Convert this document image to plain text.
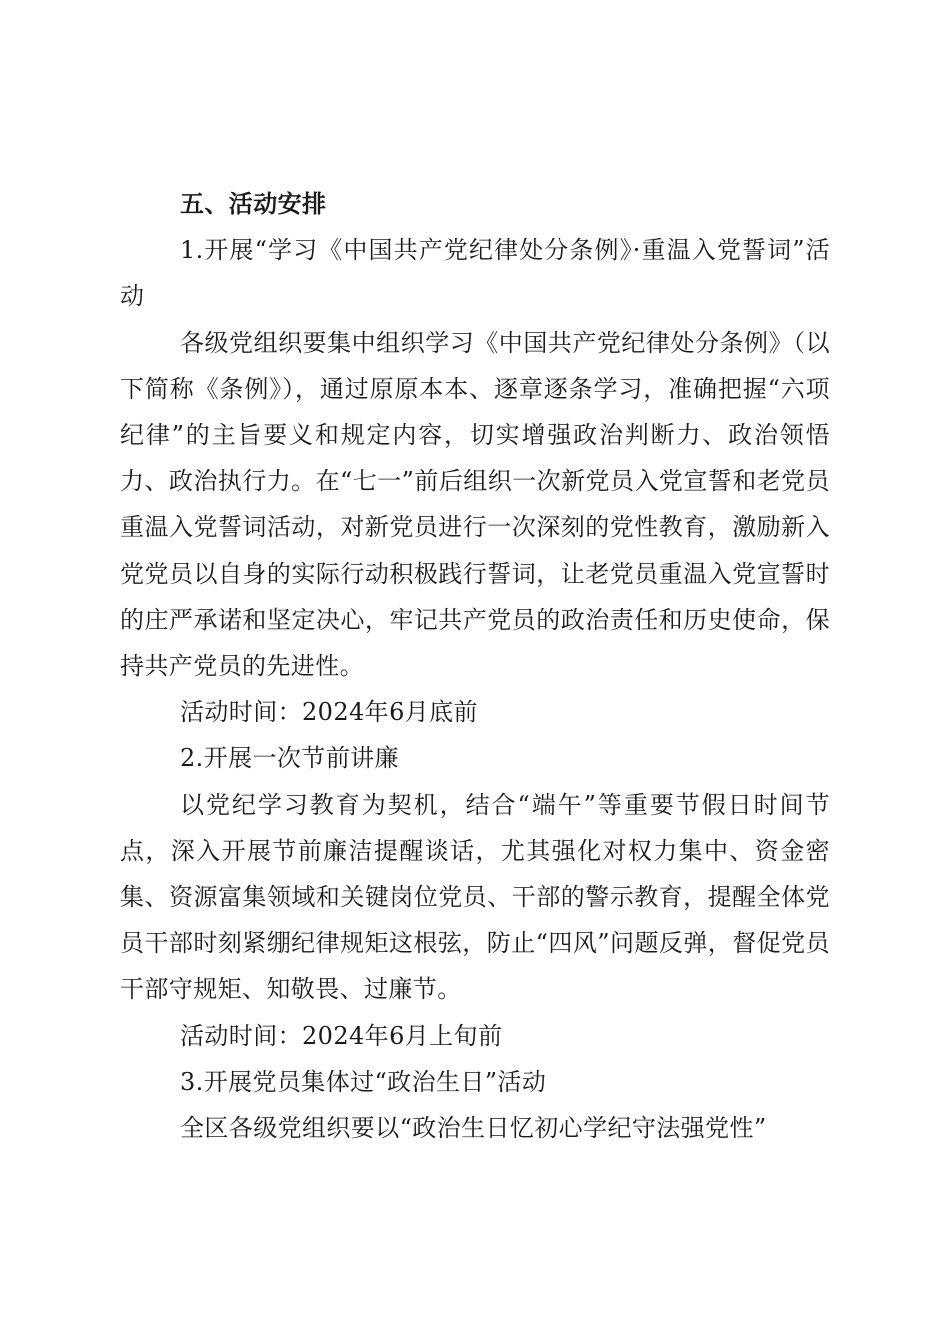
五、活动安排

1.开展“学习《中国共产党纪律处分条例》·重温入党誓词”活动

各级党组织要集中组织学习《中国共产党纪律处分条例》（以下简称《条例》），通过原原本本、逐章逐条学习，准确把握“六项纪律”的主旨要义和规定内容，切实增强政治判断力、政治领悟力、政治执行力。在“七一”前后组织一次新党员入党宣誓和老党员重温入党誓词活动，对新党员进行一次深刻的党性教育，激励新入党党员以自身的实际行动积极践行誓词，让老党员重温入党宣誓时的庄严承诺和坚定决心，牢记共产党员的政治责任和历史使命，保持共产党员的先进性。

活动时间：2024年6月底前

2.开展一次节前讲廉

以党纪学习教育为契机，结合“端午”等重要节假日时间节点，深入开展节前廉洁提醒谈话，尤其强化对权力集中、资金密集、资源富集领域和关键岗位党员、干部的警示教育，提醒全体党员干部时刻紧绷纪律规矩这根弦，防止“四风”问题反弹，督促党员干部守规矩、知敬畏、过廉节。

活动时间：2024年6月上旬前

3.开展党员集体过“政治生日”活动

全区各级党组织要以“政治生日忆初心学纪守法强党性”
